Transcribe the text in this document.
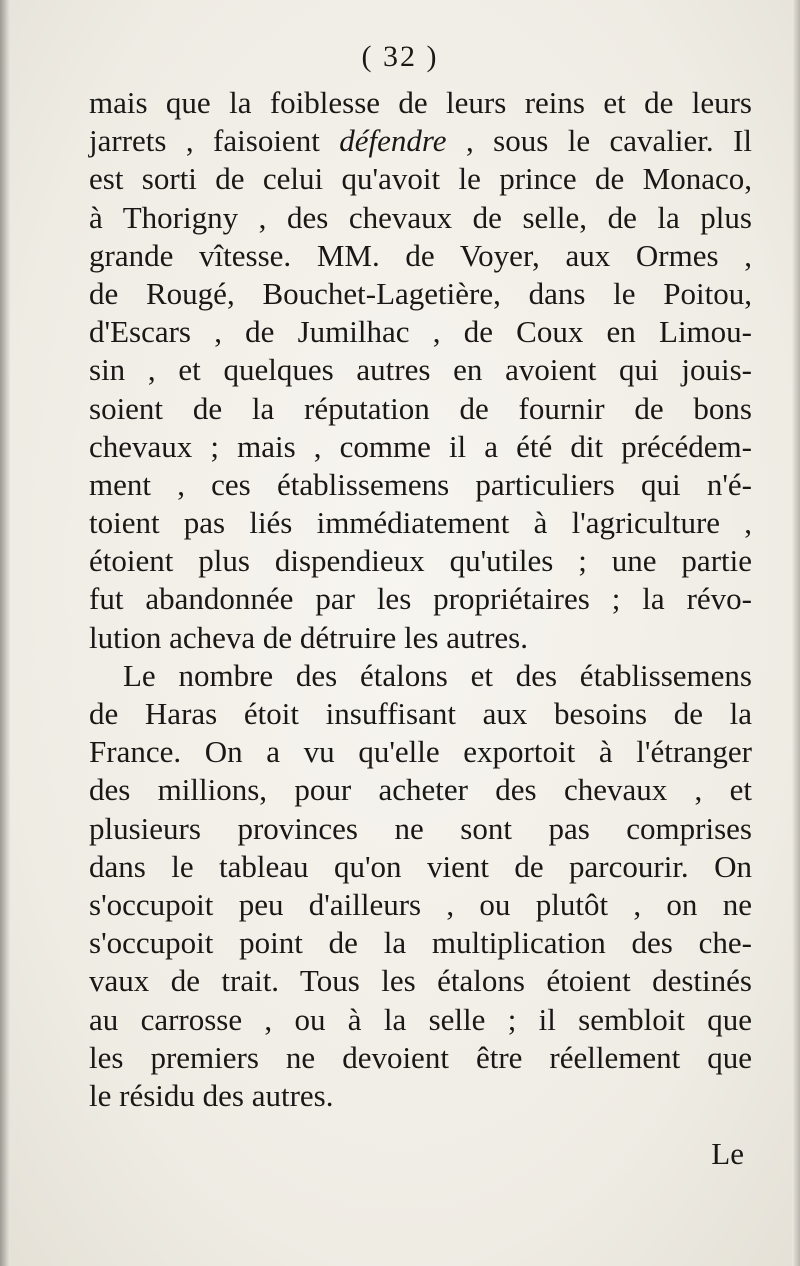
( 32 )
mais que la foiblesse de leurs reins et de leurs
jarrets , faisoient défendre , sous le cavalier. Il
est sorti de celui qu'avoit le prince de Monaco,
à Thorigny , des chevaux de selle, de la plus
grande vîtesse. MM. de Voyer, aux Ormes ,
de Rougé, Bouchet-Lagetière, dans le Poitou,
d'Escars , de Jumilhac , de Coux en Limou-
sin , et quelques autres en avoient qui jouis-
soient de la réputation de fournir de bons
chevaux ; mais , comme il a été dit précédem-
ment , ces établissemens particuliers qui n'é-
toient pas liés immédiatement à l'agriculture ,
étoient plus dispendieux qu'utiles ; une partie
fut abandonnée par les propriétaires ; la révo-
lution acheva de détruire les autres.
Le nombre des étalons et des établissemens
de Haras étoit insuffisant aux besoins de la
France. On a vu qu'elle exportoit à l'étranger
des millions, pour acheter des chevaux , et
plusieurs provinces ne sont pas comprises
dans le tableau qu'on vient de parcourir. On
s'occupoit peu d'ailleurs , ou plutôt , on ne
s'occupoit point de la multiplication des che-
vaux de trait. Tous les étalons étoient destinés
au carrosse , ou à la selle ; il sembloit que
les premiers ne devoient être réellement que
le résidu des autres.
Le
